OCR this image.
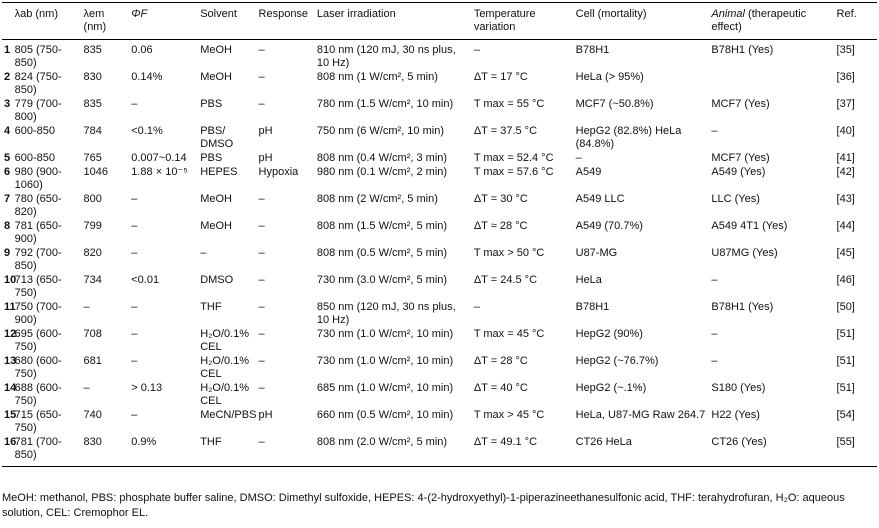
	λab (nm)	λem (nm)	ΦF	Solvent	Response	Laser irradiation	Temperature variation	Cell (mortality)	Animal (therapeutic effect)	Ref.
1	805 (750-850)	835	0.06	MeOH	–	810 nm (120 mJ, 30 ns plus, 10 Hz)	–	B78H1	B78H1 (Yes)	[35]
2	824 (750-850)	830	0.14%	MeOH	–	808 nm (1 W/cm², 5 min)	ΔT = 17 °C	HeLa (> 95%)		[36]
3	779 (700-800)	835	–	PBS	–	780 nm (1.5 W/cm², 10 min)	T max = 55 °C	MCF7 (~50.8%)	MCF7 (Yes)	[37]
4	600-850	784	<0.1%	PBS/ DMSO	pH	750 nm (6 W/cm², 10 min)	ΔT = 37.5 °C	HepG2 (82.8%) HeLa (84.8%)	–	[40]
5	600-850	765	0.007~0.14	PBS	pH	808 nm (0.4 W/cm², 3 min)	T max = 52.4 °C	–	MCF7 (Yes)	[41]
6	980 (900-1060)	1046	1.88 × 10⁻⁵	HEPES	Hypoxia	980 nm (0.1 W/cm², 2 min)	T max = 57.6 °C	A549	A549 (Yes)	[42]
7	780 (650-820)	800	–	MeOH	–	808 nm (2 W/cm², 5 min)	ΔT = 30 °C	A549 LLC	LLC (Yes)	[43]
8	781 (650-900)	799	–	MeOH	–	808 nm (1.5 W/cm², 5 min)	ΔT ≈ 28 °C	A549 (70.7%)	A549 4T1 (Yes)	[44]
9	792 (700-850)	820	–	–	–	808 nm (0.5 W/cm², 5 min)	T max > 50 °C	U87-MG	U87MG (Yes)	[45]
10	713 (650-750)	734	<0.01	DMSO	–	730 nm (3.0 W/cm², 5 min)	ΔT = 24.5 °C	HeLa	–	[46]
11	750 (700-900)	–	–	THF	–	850 nm (120 mJ, 30 ns plus, 10 Hz)	–	B78H1	B78H1 (Yes)	[50]
12	695 (600-750)	708	–	H₂O/0.1% CEL	–	730 nm (1.0 W/cm², 10 min)	T max = 45 °C	HepG2 (90%)	–	[51]
13	680 (600-750)	681	–	H₂O/0.1% CEL	–	730 nm (1.0 W/cm², 10 min)	ΔT = 28 °C	HepG2 (~76.7%)	–	[51]
14	688 (600-750)	–	> 0.13	H₂O/0.1% CEL	–	685 nm (1.0 W/cm², 10 min)	ΔT = 40 °C	HepG2 (~.1%)	S180 (Yes)	[51]
15	715 (650-750)	740	–	MeCN/PBS	pH	660 nm (0.5 W/cm², 10 min)	T max > 45 °C	HeLa, U87-MG Raw 264.7	H22 (Yes)	[54]
16	781 (700-850)	830	0.9%	THF	–	808 nm (2.0 W/cm², 5 min)	ΔT = 49.1 °C	CT26 HeLa	CT26 (Yes)	[55]
MeOH: methanol, PBS: phosphate buffer saline, DMSO: Dimethyl sulfoxide, HEPES: 4-(2-hydroxyethyl)-1-piperazineethanesulfonic acid, THF: terahydrofuran, H₂O: aqueous solution, CEL: Cremophor EL.
